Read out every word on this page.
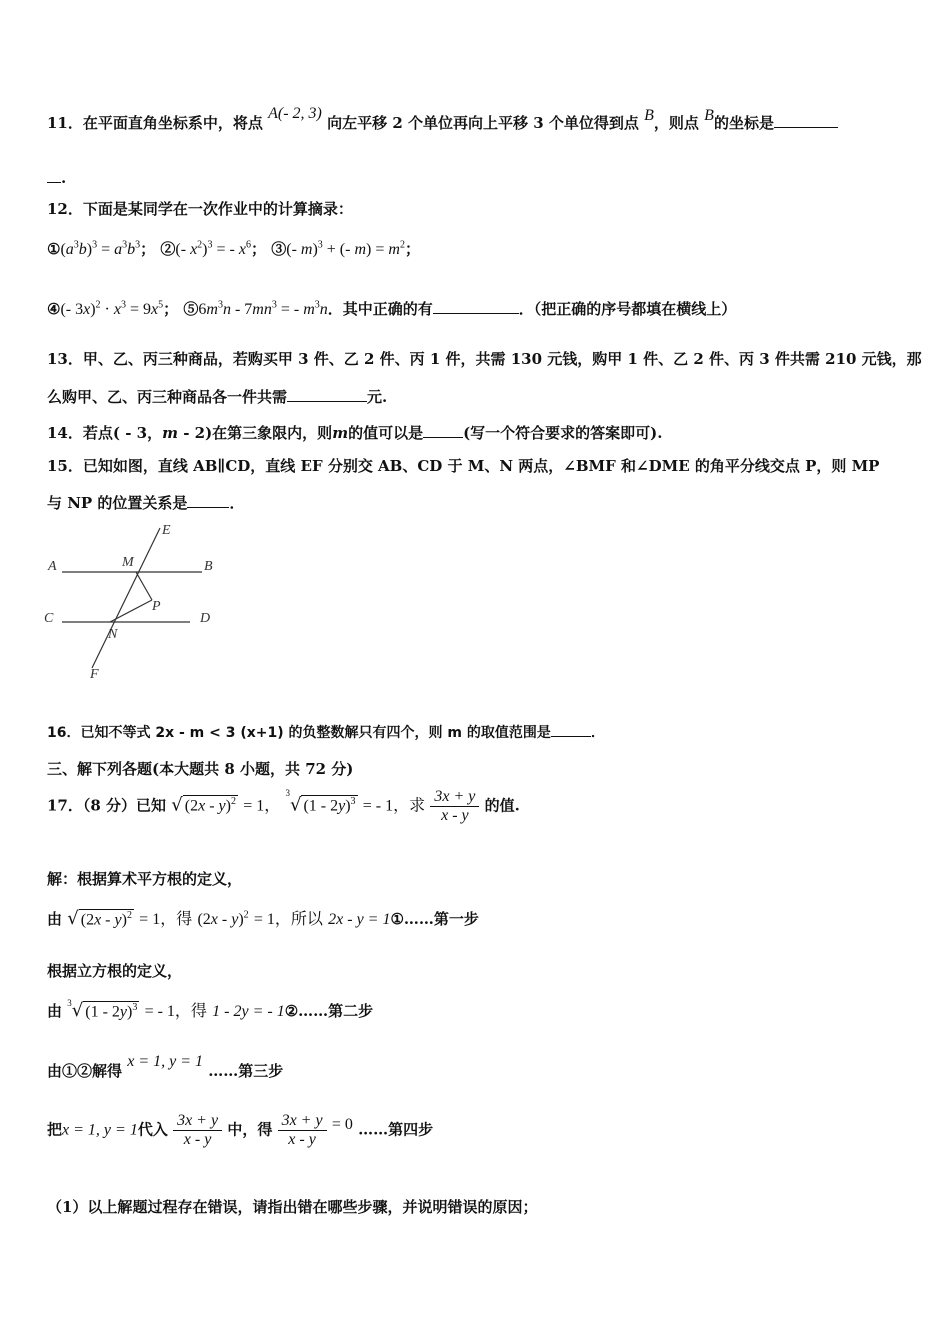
11．在平面直角坐标系中，将点 A(- 2, 3) 向左平移 2 个单位再向上平移 3 个单位得到点 B，则点 B的坐标是
.
12．下面是某同学在一次作业中的计算摘录：
$①(a^3b)^3 = a^3b^3$； ②(- $x^2)^3$ = - $x^6$； ③(- m)$^3$ + (- $m) = m^2$；
④(- $3x)^2 \cdot x^3 = 9x^5$； $⑤6m^3n - 7mn^3$ = - $m^3n$．其中正确的有	．（把正确的序号都填在横线上）
13．甲、乙、丙三种商品，若购买甲 3 件、乙 2 件、丙 1 件，共需 130 元钱，购甲 1 件、乙 2 件、丙 3 件共需 210 元钱，那
么购甲、乙、丙三种商品各一件共需	元.
14．若点( - 3，m - 2)在第三象限内，则m的值可以是	(写一个符合要求的答案即可).
15．已知如图，直线 AB∥CD，直线 EF 分别交 AB、CD 于 M、N 两点，∠BMF 和∠DME 的角平分线交点 P，则 MP
与 NP 的位置关系是	．
E
A	M	B
P
C	D
N
F
16．已知不等式 2x - m < 3 (x+1) 的负整数解只有四个，则 m 的取值范围是	．
三、解下列各题(本大题共 8 小题，共 72 分)
17．（8 分）已知 √ (2x - y)$^2$ = 1， $^3$√ (1 - 2y)$^3$ = - 1，求 $\frac{3x + y}{x - y}$ 的值.
解：根据算术平方根的定义，
由 √ (2x - y)$^2$ = 1，得 (2x - y)$^2$ = 1，所以 2x - y = 1①……第一步
根据立方根的定义，
由 $^3$√ (1 - 2y)$^3$ = - 1，得 1 - 2y = - 1②……第二步
由①②解得 x = 1, y = 1 ……第三步
把x = 1, y = 1代入 $\frac{3x + y}{x - y}$ 中，得 $\frac{3x + y}{x - y} = 0$ ……第四步
（1）以上解题过程存在错误，请指出错在哪些步骤，并说明错误的原因；
